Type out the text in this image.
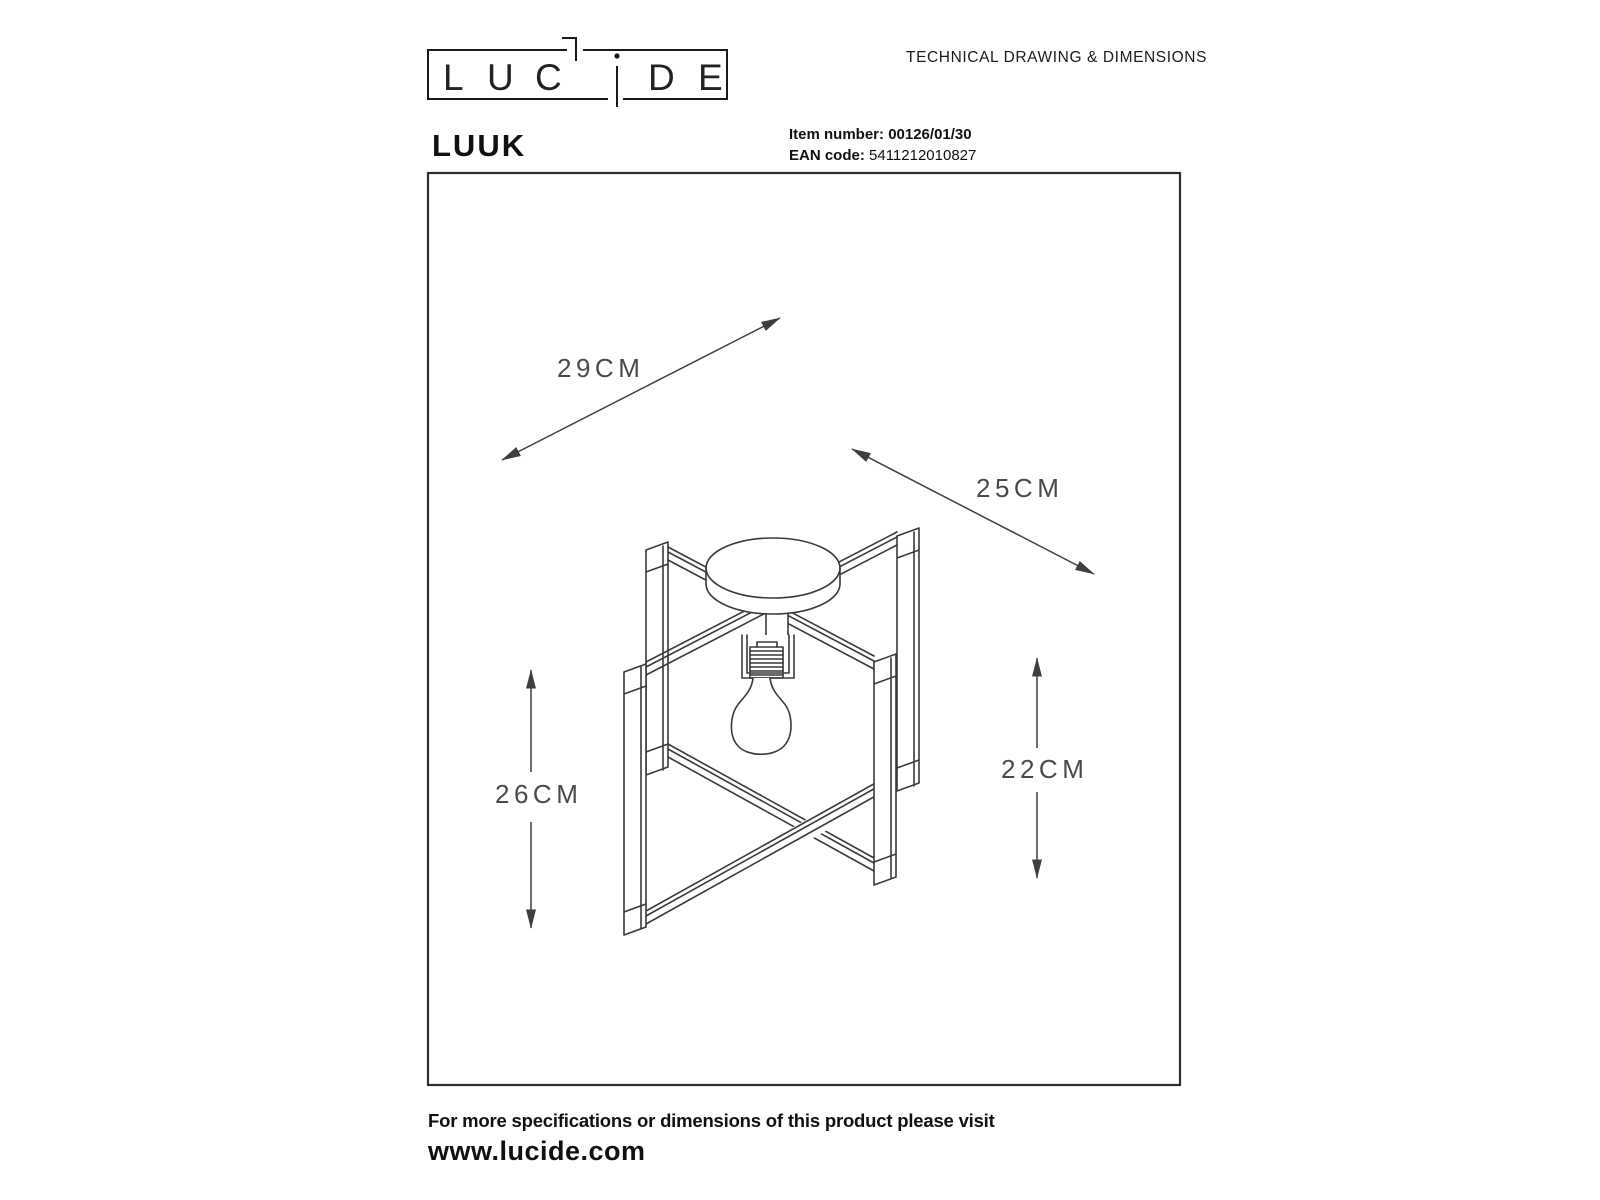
L U C D E	TECHNICAL DRAWING & DIMENSIONS
LUUK	Item number: 00126/01/30
EAN code: 5411212010827
29CM
25CM
26CM
22CM
For more specifications or dimensions of this product please visit
www.lucide.com
